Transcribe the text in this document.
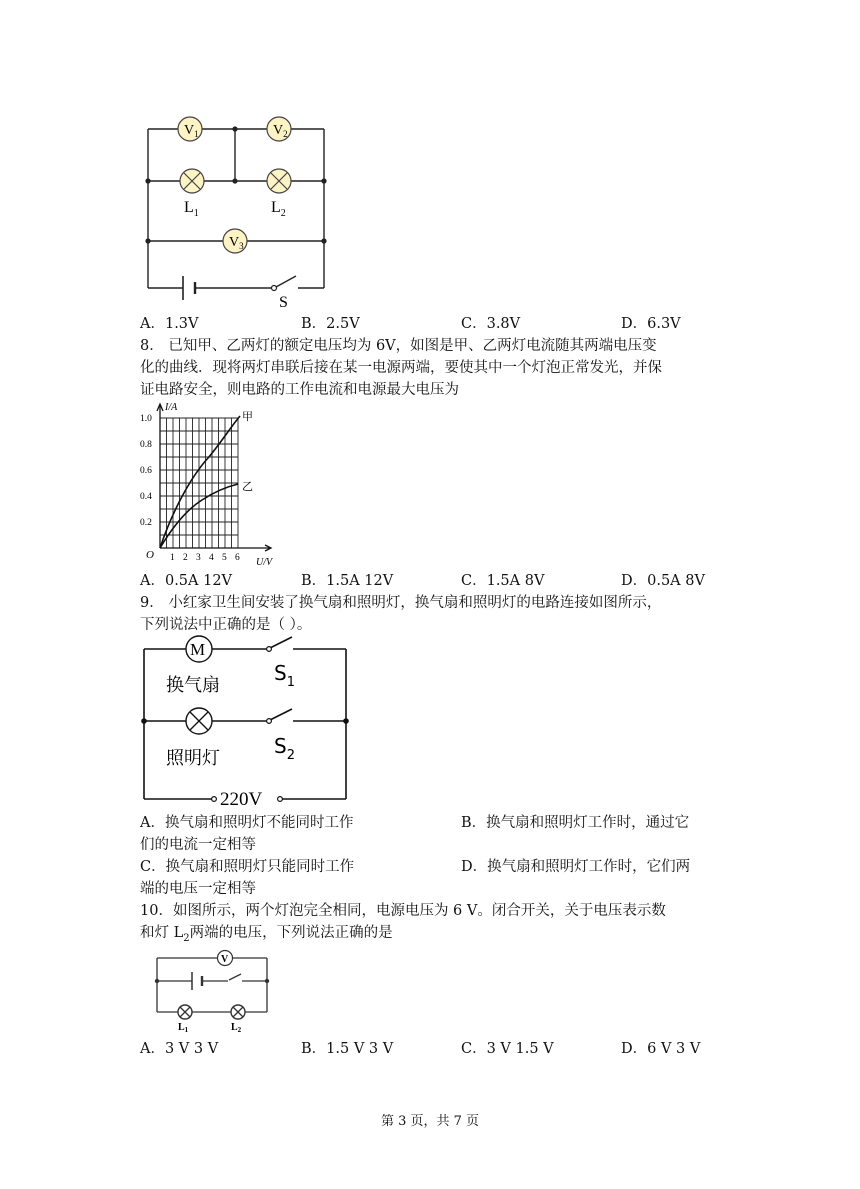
$V_1$	$V_2$
$V_3$
$L_1$	$L_2$
S
A．1.3V	B．2.5V	C．3.8V	D．6.3V
8． 已知甲、乙两灯的额定电压均为 6V，如图是甲、乙两灯电流随其两端电压变
化的曲线．现将两灯串联后接在某一电源两端，要使其中一个灯泡正常发光，并保
证电路安全，则电路的工作电流和电源最大电压为
1.0
0.8
0.6
0.4
0.2
1 2 3 4 5 6
O
I/A
U/V
甲
乙
A．0.5A 12V	B．1.5A 12V	C．1.5A 8V	D．0.5A 8V
9． 小红家卫生间安装了换气扇和照明灯，换气扇和照明灯的电路连接如图所示，
下列说法中正确的是（ ）。
M
换气扇
照明灯
$S_1$
$S_2$
220V
A．换气扇和照明灯不能同时工作	B．换气扇和照明灯工作时，通过它
们的电流一定相等
C．换气扇和照明灯只能同时工作	D．换气扇和照明灯工作时，它们两
端的电压一定相等
10．如图所示，两个灯泡完全相同，电源电压为 6 V。闭合开关，关于电压表示数
和灯 $L_2$两端的电压，下列说法正确的是
V
$L_1$	$L_2$
A．3 V 3 V	B．1.5 V 3 V	C．3 V 1.5 V	D．6 V 3 V
第 3 页，共 7 页
